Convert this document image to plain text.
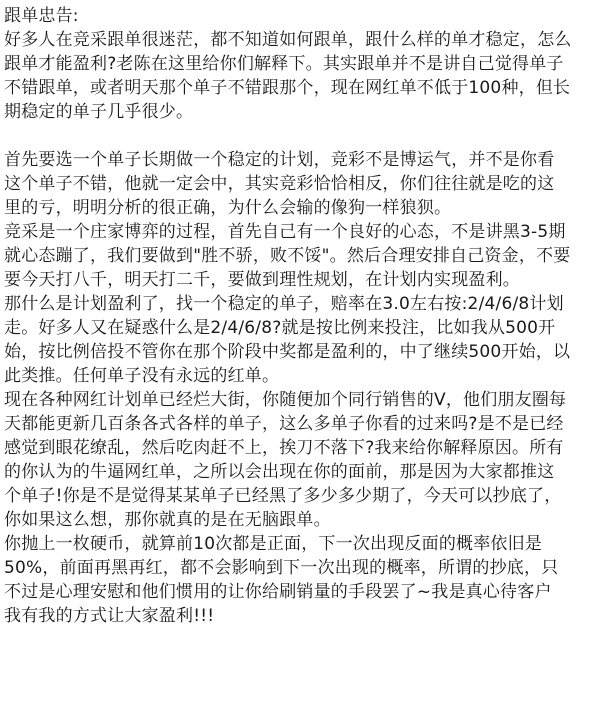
跟单忠告:
好多人在竞采跟单很迷茫，都不知道如何跟单，跟什么样的单才稳定，怎么
跟单才能盈利?老陈在这里给你们解释下。其实跟单并不是讲自己觉得单子
不错跟单，或者明天那个单子不错跟那个，现在网红单不低于100种，但长
期稳定的单子几乎很少。
首先要选一个单子长期做一个稳定的计划，竞彩不是博运气，并不是你看
这个单子不错，他就一定会中，其实竞彩恰恰相反，你们往往就是吃的这
里的亏，明明分析的很正确，为什么会输的像狗一样狼狈。
竞采是一个庄家博弈的过程，首先自己有一个良好的心态，不是讲黑3-5期
就心态蹦了，我们要做到"胜不骄，败不馁"。然后合理安排自己资金，不要
要今天打八千，明天打二千，要做到理性规划，在计划内实现盈利。
那什么是计划盈利了，找一个稳定的单子，赔率在3.0左右按:2/4/6/8计划
走。好多人又在疑惑什么是2/4/6/8?就是按比例来投注，比如我从500开
始，按比例倍投不管你在那个阶段中奖都是盈利的，中了继续500开始，以
此类推。任何单子没有永远的红单。
现在各种网红计划单已经烂大街，你随便加个同行销售的V，他们朋友圈每
天都能更新几百条各式各样的单子，这么多单子你看的过来吗?是不是已经
感觉到眼花缭乱，然后吃肉赶不上，挨刀不落下?我来给你解释原因。所有
的你认为的牛逼网红单，之所以会出现在你的面前，那是因为大家都推这
个单子!你是不是觉得某某单子已经黑了多少多少期了，今天可以抄底了，
你如果这么想，那你就真的是在无脑跟单。
你抛上一枚硬币，就算前10次都是正面，下一次出现反面的概率依旧是
50%，前面再黑再红，都不会影响到下一次出现的概率，所谓的抄底，只
不过是心理安慰和他们惯用的让你给刷销量的手段罢了~我是真心待客户
我有我的方式让大家盈利!!!
